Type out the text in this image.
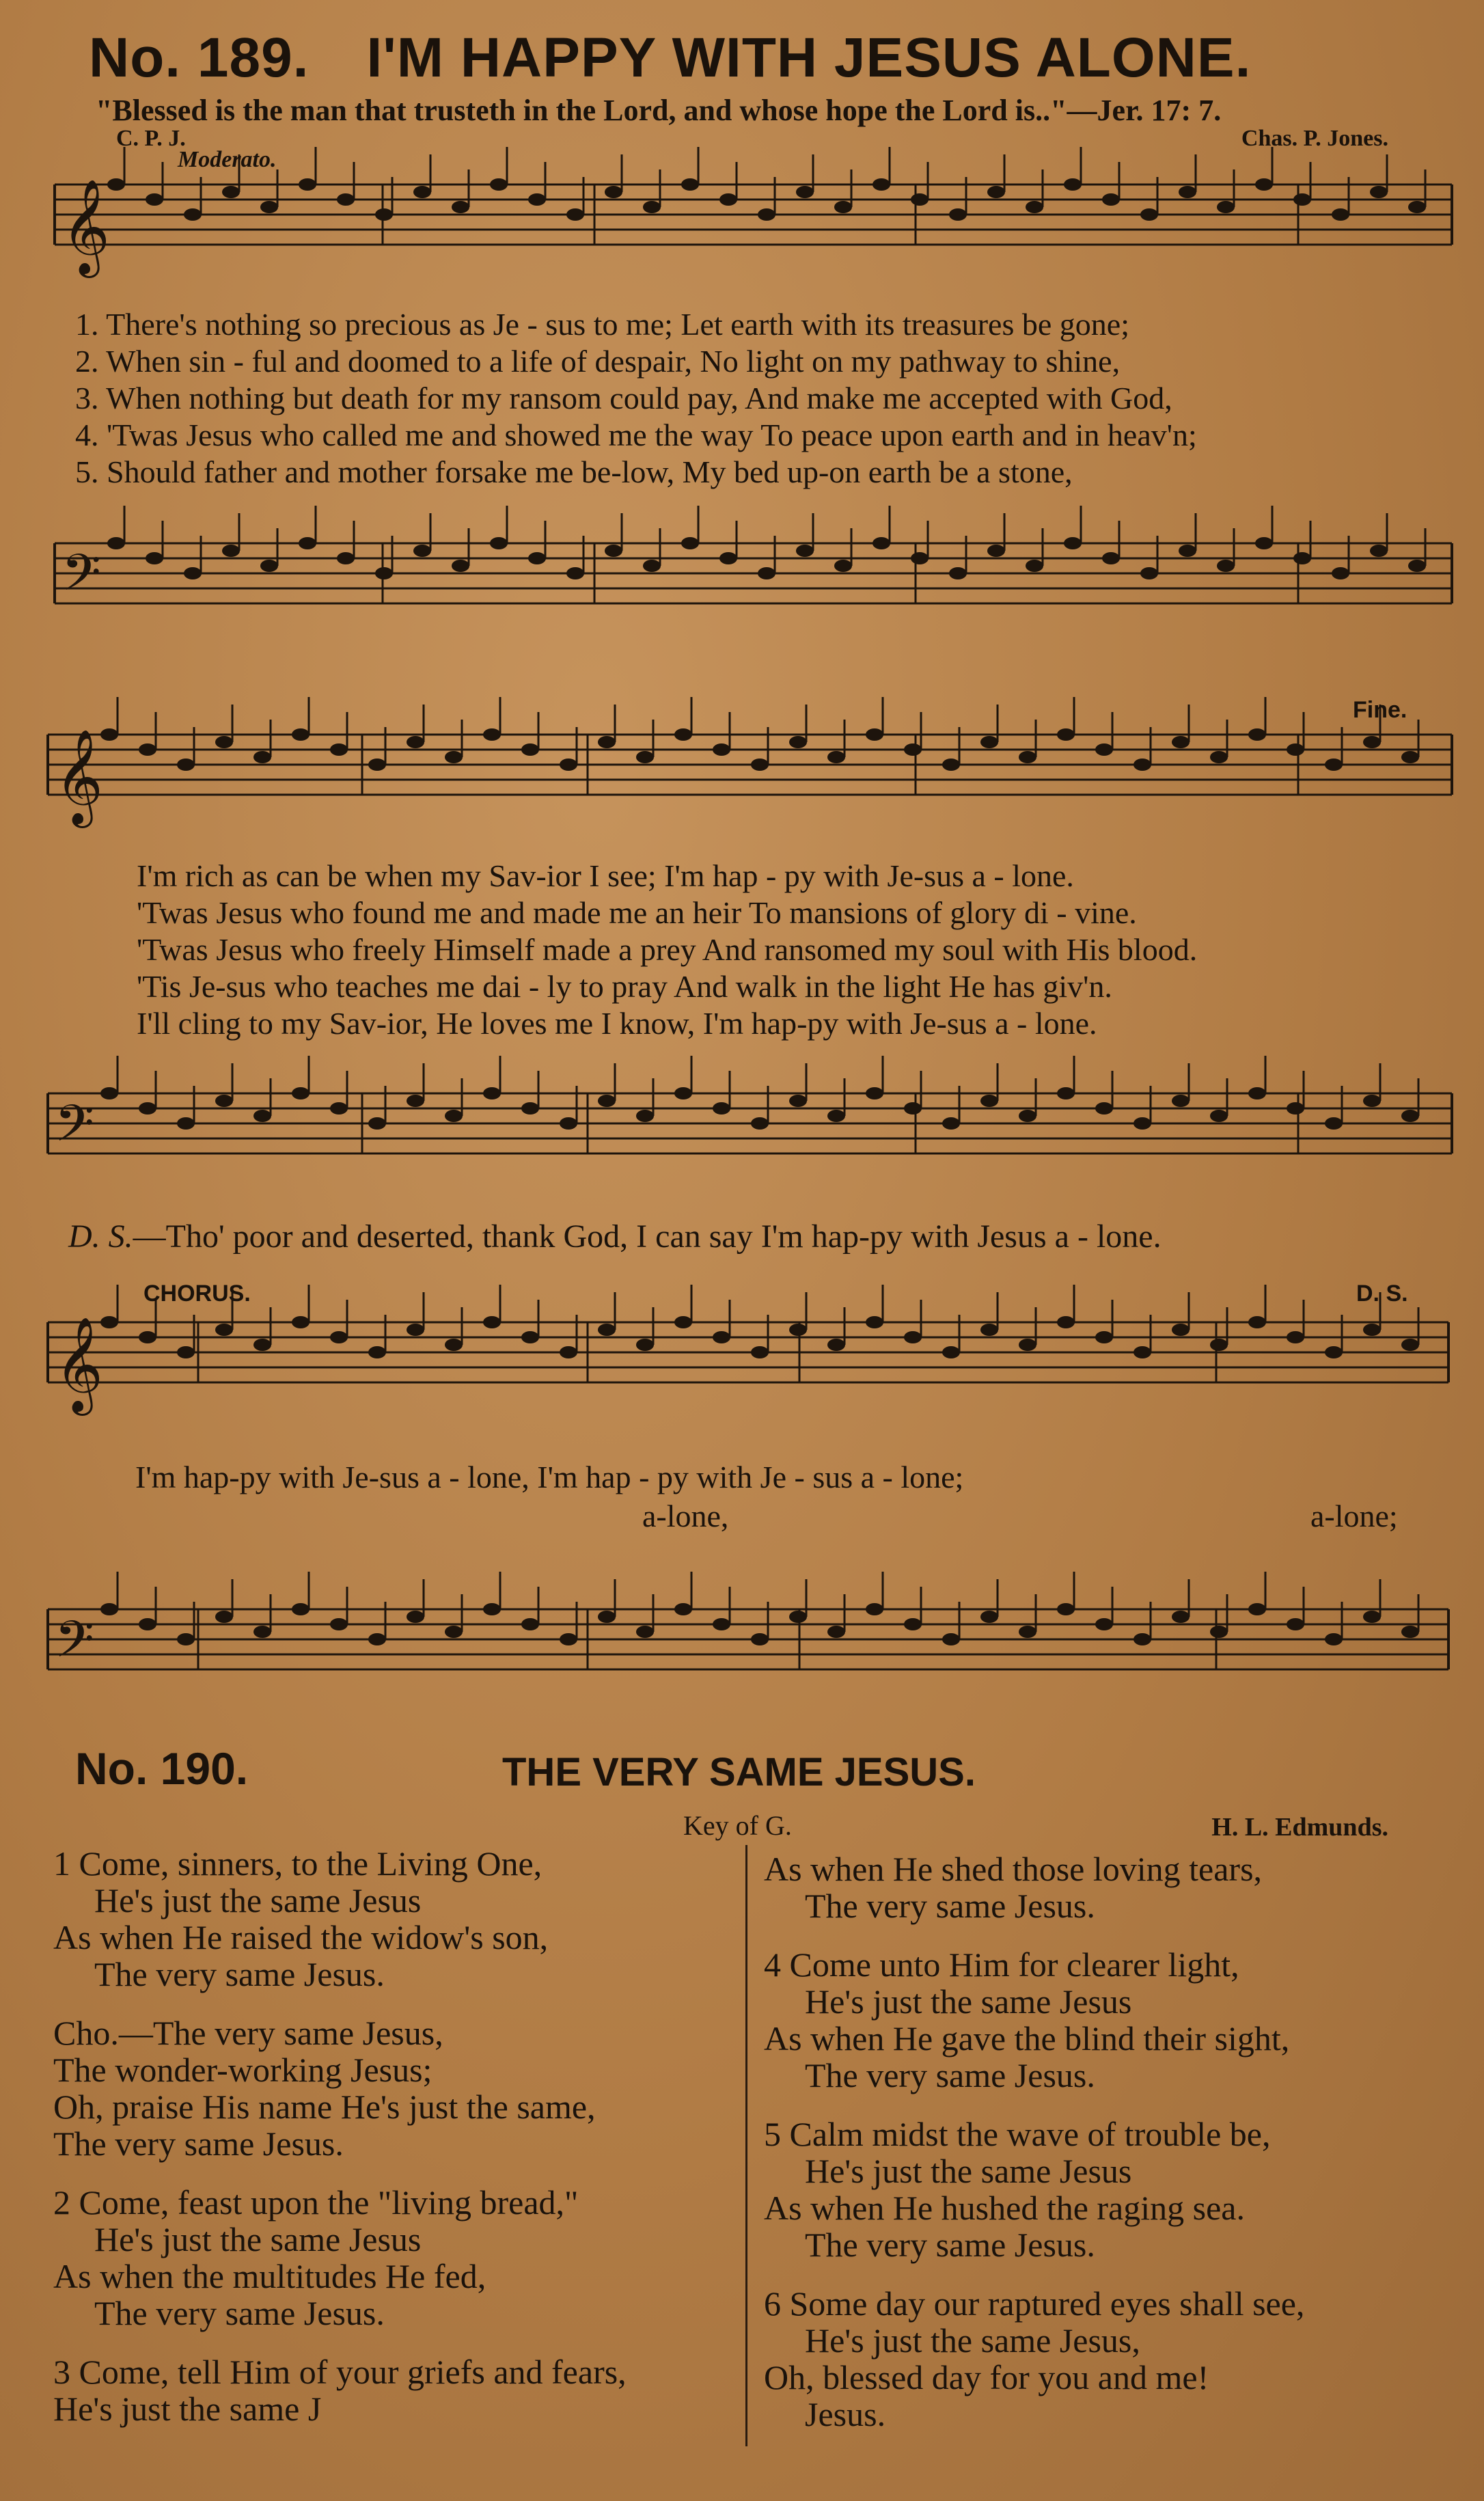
No. 189. I'M HAPPY WITH JESUS ALONE.
"Blessed is the man that trusteth in the Lord, and whose hope the Lord is.."—Jer. 17: 7.
C. P. J.	Chas. P. Jones.
Moderato.
𝄞
𝄢
𝄞
𝄢
𝄞
𝄢
1. There's nothing so precious as Je - sus to me; Let earth with its treasures be gone;
2. When sin - ful and doomed to a life of despair, No light on my pathway to shine,
3. When nothing but death for my ransom could pay, And make me accepted with God,
4. 'Twas Jesus who called me and showed me the way To peace upon earth and in heav'n;
5. Should father and mother forsake me be-low, My bed up-on earth be a stone,
Fine.
I'm rich as can be when my Sav-ior I see; I'm hap - py with Je-sus a - lone.
'Twas Jesus who found me and made me an heir To mansions of glory di - vine.
'Twas Jesus who freely Himself made a prey And ransomed my soul with His blood.
'Tis Je-sus who teaches me dai - ly to pray And walk in the light He has giv'n.
I'll cling to my Sav-ior, He loves me I know, I'm hap-py with Je-sus a - lone.
D. S.—Tho' poor and deserted, thank God, I can say I'm hap-py with Jesus a - lone.
CHORUS.	D. S.
I'm hap-py with Je-sus a - lone, I'm hap - py with Je - sus a - lone;
a-lone,	a-lone;
No. 190.	THE VERY SAME JESUS.
Key of G.	H. L. Edmunds.
1 Come, sinners, to the Living One,
He's just the same Jesus
As when He raised the widow's son,
The very same Jesus.
Cho.—The very same Jesus,
The wonder-working Jesus;
Oh, praise His name He's just the same,
The very same Jesus.
2 Come, feast upon the "living bread,"
He's just the same Jesus
As when the multitudes He fed,
The very same Jesus.
3 Come, tell Him of your griefs and fears,
He's just the same J
As when He shed those loving tears,
The very same Jesus.
4 Come unto Him for clearer light,
He's just the same Jesus
As when He gave the blind their sight,
The very same Jesus.
5 Calm midst the wave of trouble be,
He's just the same Jesus
As when He hushed the raging sea.
The very same Jesus.
6 Some day our raptured eyes shall see,
He's just the same Jesus,
Oh, blessed day for you and me!
Jesus.
